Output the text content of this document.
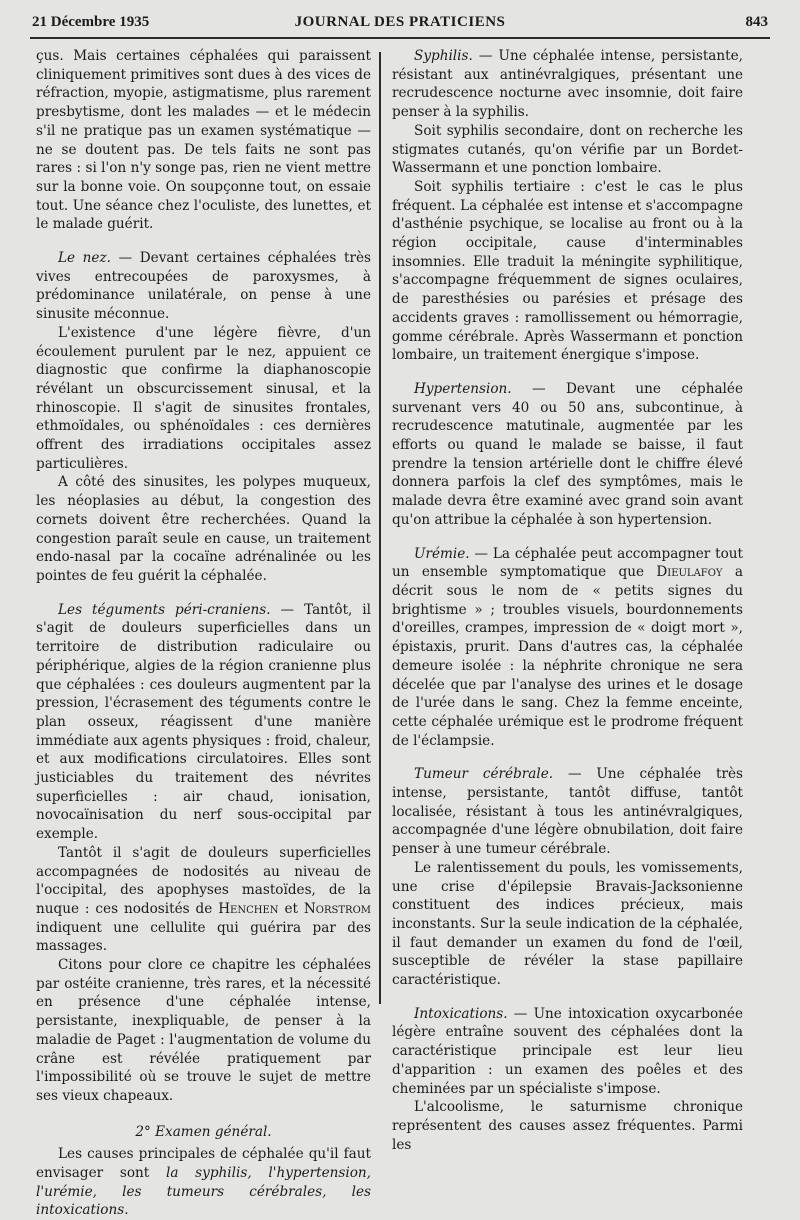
21 Décembre 1935	JOURNAL DES PRATICIENS	843

çus. Mais certaines céphalées qui paraissent cliniquement primitives sont dues à des vices de réfraction, myopie, astigmatisme, plus rarement presbytisme, dont les malades — et le médecin s'il ne pratique pas un examen systématique — ne se doutent pas. De tels faits ne sont pas rares : si l'on n'y songe pas, rien ne vient mettre sur la bonne voie. On soupçonne tout, on essaie tout. Une séance chez l'oculiste, des lunettes, et le malade guérit.

Le nez. — Devant certaines céphalées très vives entrecoupées de paroxysmes, à prédominance unilatérale, on pense à une sinusite méconnue.

L'existence d'une légère fièvre, d'un écoulement purulent par le nez, appuient ce diagnostic que confirme la diaphanoscopie révélant un obscurcissement sinusal, et la rhinoscopie. Il s'agit de sinusites frontales, ethmoïdales, ou sphénoïdales : ces dernières offrent des irradiations occipitales assez particulières.

A côté des sinusites, les polypes muqueux, les néoplasies au début, la congestion des cornets doivent être recherchées. Quand la congestion paraît seule en cause, un traitement endo-nasal par la cocaïne adrénalinée ou les pointes de feu guérit la céphalée.

Les téguments péri-craniens. — Tantôt, il s'agit de douleurs superficielles dans un territoire de distribution radiculaire ou périphérique, algies de la région cranienne plus que céphalées : ces douleurs augmentent par la pression, l'écrasement des téguments contre le plan osseux, réagissent d'une manière immédiate aux agents physiques : froid, chaleur, et aux modifications circulatoires. Elles sont justiciables du traitement des névrites superficielles : air chaud, ionisation, novocaïnisation du nerf sous-occipital par exemple.

Tantôt il s'agit de douleurs superficielles accompagnées de nodosités au niveau de l'occipital, des apophyses mastoïdes, de la nuque : ces nodosités de Henchen et Norstrom indiquent une cellulite qui guérira par des massages.

Citons pour clore ce chapitre les céphalées par ostéite cranienne, très rares, et la nécessité en présence d'une céphalée intense, persistante, inexpliquable, de penser à la maladie de Paget : l'augmentation de volume du crâne est révélée pratiquement par l'impossibilité où se trouve le sujet de mettre ses vieux chapeaux.

2° Examen général.

Les causes principales de céphalée qu'il faut envisager sont la syphilis, l'hypertension, l'urémie, les tumeurs cérébrales, les intoxications.

Syphilis. — Une céphalée intense, persistante, résistant aux antinévralgiques, présentant une recrudescence nocturne avec insomnie, doit faire penser à la syphilis.

Soit syphilis secondaire, dont on recherche les stigmates cutanés, qu'on vérifie par un Bordet-Wassermann et une ponction lombaire.

Soit syphilis tertiaire : c'est le cas le plus fréquent. La céphalée est intense et s'accompagne d'asthénie psychique, se localise au front ou à la région occipitale, cause d'interminables insomnies. Elle traduit la méningite syphilitique, s'accompagne fréquemment de signes oculaires, de paresthésies ou parésies et présage des accidents graves : ramollissement ou hémorragie, gomme cérébrale. Après Wassermann et ponction lombaire, un traitement énergique s'impose.

Hypertension. — Devant une céphalée survenant vers 40 ou 50 ans, subcontinue, à recrudescence matutinale, augmentée par les efforts ou quand le malade se baisse, il faut prendre la tension artérielle dont le chiffre élevé donnera parfois la clef des symptômes, mais le malade devra être examiné avec grand soin avant qu'on attribue la céphalée à son hypertension.

Urémie. — La céphalée peut accompagner tout un ensemble symptomatique que Dieulafoy a décrit sous le nom de « petits signes du brightisme » ; troubles visuels, bourdonnements d'oreilles, crampes, impression de « doigt mort », épistaxis, prurit. Dans d'autres cas, la céphalée demeure isolée : la néphrite chronique ne sera décelée que par l'analyse des urines et le dosage de l'urée dans le sang. Chez la femme enceinte, cette céphalée urémique est le prodrome fréquent de l'éclampsie.

Tumeur cérébrale. — Une céphalée très intense, persistante, tantôt diffuse, tantôt localisée, résistant à tous les antinévralgiques, accompagnée d'une légère obnubilation, doit faire penser à une tumeur cérébrale.

Le ralentissement du pouls, les vomissements, une crise d'épilepsie Bravais-Jacksonienne constituent des indices précieux, mais inconstants. Sur la seule indication de la céphalée, il faut demander un examen du fond de l'œil, susceptible de révéler la stase papillaire caractéristique.

Intoxications. — Une intoxication oxycarbonée légère entraîne souvent des céphalées dont la caractéristique principale est leur lieu d'apparition : un examen des poêles et des cheminées par un spécialiste s'impose.

L'alcoolisme, le saturnisme chronique représentent des causes assez fréquentes. Parmi les
